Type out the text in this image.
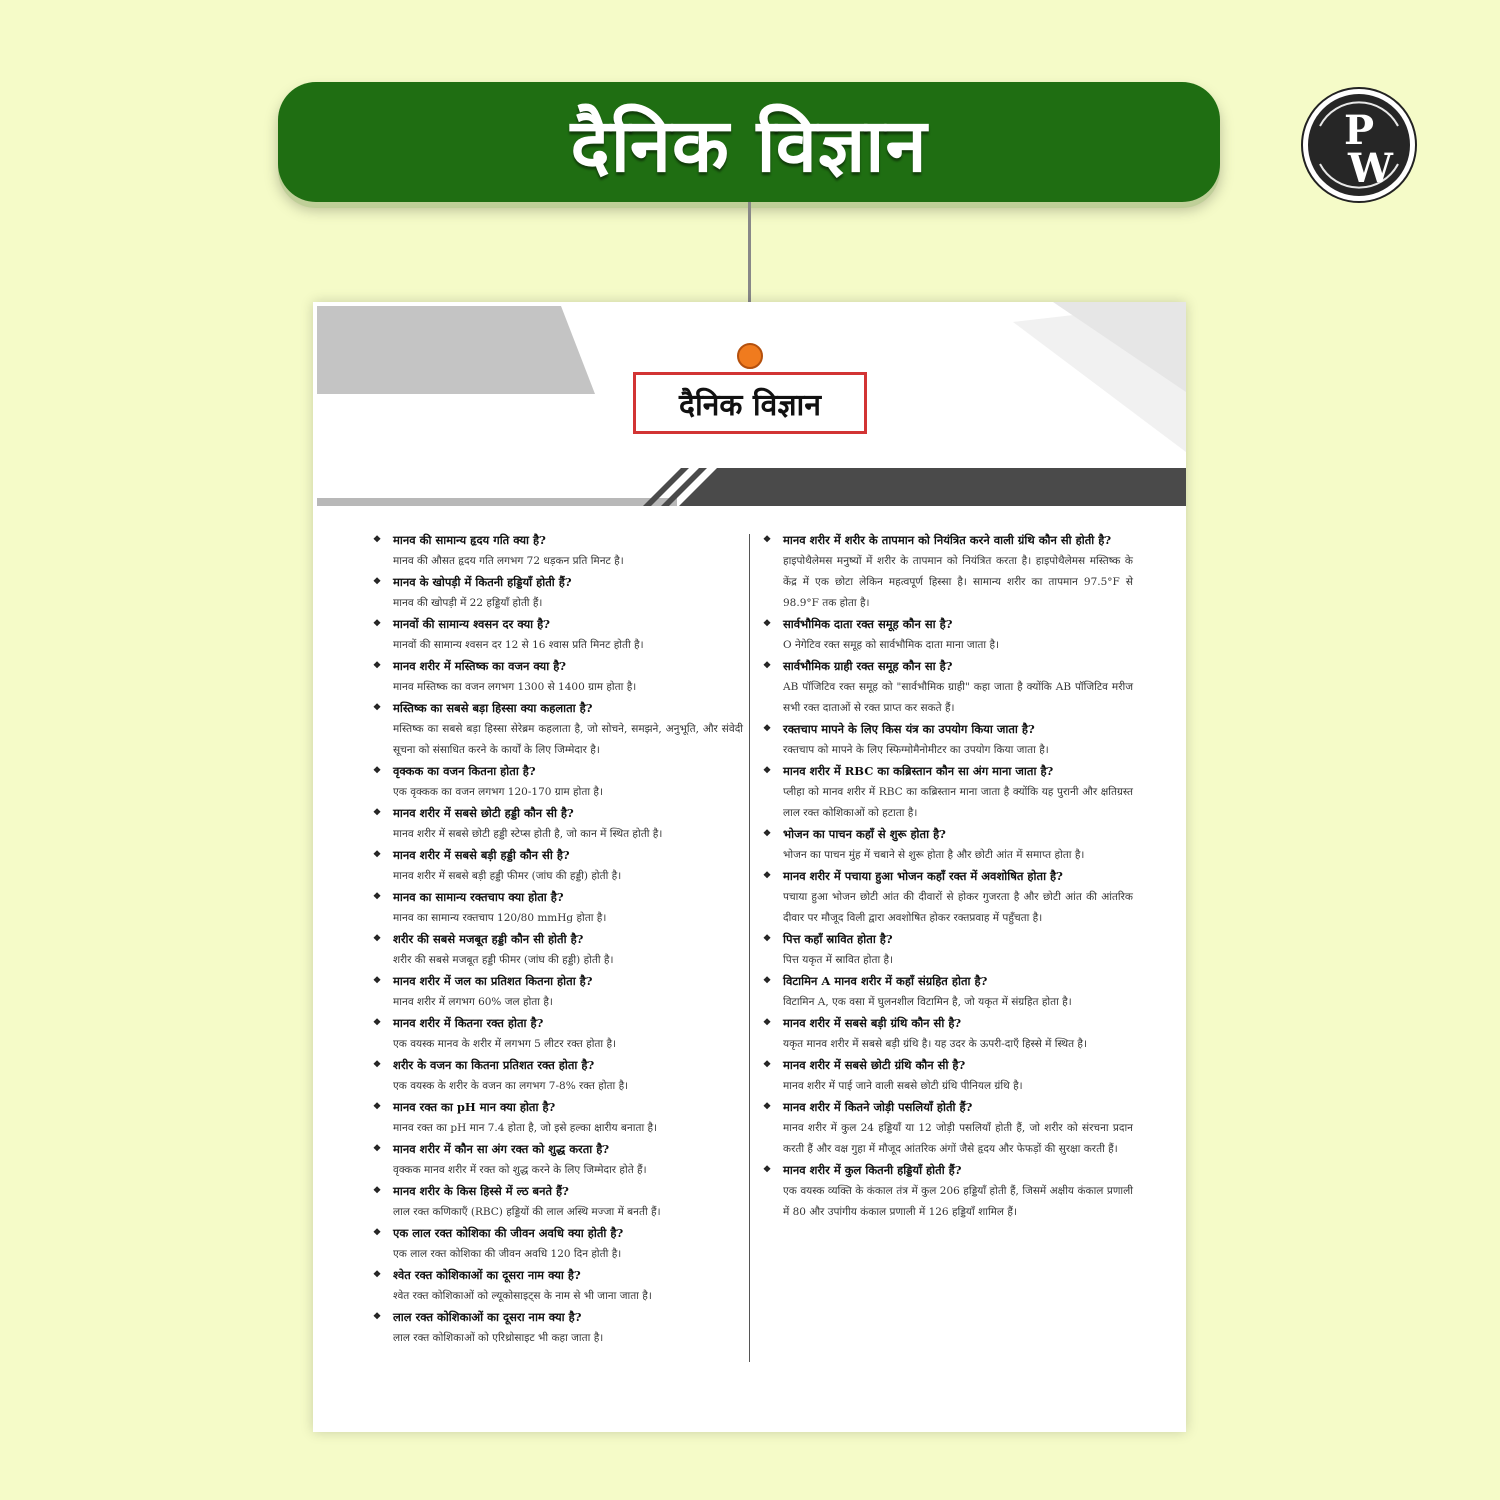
दैनिक विज्ञान	P
W
दैनिक विज्ञान
❖ मानव की सामान्य हृदय गति क्या है?
मानव की औसत हृदय गति लगभग 72 धड़कन प्रति मिनट है।
❖ मानव के खोपड़ी में कितनी हड्डियाँ होती हैं?
मानव की खोपड़ी में 22 हड्डियाँ होती हैं।
❖ मानवों की सामान्य श्वसन दर क्या है?
मानवों की सामान्य श्वसन दर 12 से 16 श्वास प्रति मिनट होती है।
❖ मानव शरीर में मस्तिष्क का वजन क्या है?
मानव मस्तिष्क का वजन लगभग 1300 से 1400 ग्राम होता है।
❖ मस्तिष्क का सबसे बड़ा हिस्सा क्या कहलाता है?
मस्तिष्क का सबसे बड़ा हिस्सा सेरेब्रम कहलाता है, जो सोचने, समझने, अनुभूति, और संवेदी सूचना को संसाधित करने के कार्यों के लिए जिम्मेदार है।
❖ वृक्कक का वजन कितना होता है?
एक वृक्कक का वजन लगभग 120-170 ग्राम होता है।
❖ मानव शरीर में सबसे छोटी हड्डी कौन सी है?
मानव शरीर में सबसे छोटी हड्डी स्टेप्स होती है, जो कान में स्थित होती है।
❖ मानव शरीर में सबसे बड़ी हड्डी कौन सी है?
मानव शरीर में सबसे बड़ी हड्डी फीमर (जांघ की हड्डी) होती है।
❖ मानव का सामान्य रक्तचाप क्या होता है?
मानव का सामान्य रक्तचाप 120/80 mmHg होता है।
❖ शरीर की सबसे मजबूत हड्डी कौन सी होती है?
शरीर की सबसे मजबूत हड्डी फीमर (जांघ की हड्डी) होती है।
❖ मानव शरीर में जल का प्रतिशत कितना होता है?
मानव शरीर में लगभग 60% जल होता है।
❖ मानव शरीर में कितना रक्त होता है?
एक वयस्क मानव के शरीर में लगभग 5 लीटर रक्त होता है।
❖ शरीर के वजन का कितना प्रतिशत रक्त होता है?
एक वयस्क के शरीर के वजन का लगभग 7-8% रक्त होता है।
❖ मानव रक्त का pH मान क्या होता है?
मानव रक्त का pH मान 7.4 होता है, जो इसे हल्का क्षारीय बनाता है।
❖ मानव शरीर में कौन सा अंग रक्त को शुद्ध करता है?
वृक्कक मानव शरीर में रक्त को शुद्ध करने के लिए जिम्मेदार होते हैं।
❖ मानव शरीर के किस हिस्से में ल्ठ बनते हैं?
लाल रक्त कणिकाएँ (RBC) हड्डियों की लाल अस्थि मज्जा में बनती हैं।
❖ एक लाल रक्त कोशिका की जीवन अवधि क्या होती है?
एक लाल रक्त कोशिका की जीवन अवधि 120 दिन होती है।
❖ श्वेत रक्त कोशिकाओं का दूसरा नाम क्या है?
श्वेत रक्त कोशिकाओं को ल्यूकोसाइट्स के नाम से भी जाना जाता है।
❖ लाल रक्त कोशिकाओं का दूसरा नाम क्या है?
लाल रक्त कोशिकाओं को एरिथ्रोसाइट भी कहा जाता है।
❖ मानव शरीर में शरीर के तापमान को नियंत्रित करने वाली ग्रंथि कौन सी होती है?
हाइपोथैलेमस मनुष्यों में शरीर के तापमान को नियंत्रित करता है। हाइपोथैलेमस मस्तिष्क के केंद्र में एक छोटा लेकिन महत्वपूर्ण हिस्सा है। सामान्य शरीर का तापमान 97.5°F से 98.9°F तक होता है।
❖ सार्वभौमिक दाता रक्त समूह कौन सा है?
O नेगेटिव रक्त समूह को सार्वभौमिक दाता माना जाता है।
❖ सार्वभौमिक ग्राही रक्त समूह कौन सा है?
AB पॉजिटिव रक्त समूह को "सार्वभौमिक ग्राही" कहा जाता है क्योंकि AB पॉजिटिव मरीज सभी रक्त दाताओं से रक्त प्राप्त कर सकते हैं।
❖ रक्तचाप मापने के लिए किस यंत्र का उपयोग किया जाता है?
रक्तचाप को मापने के लिए स्फिग्मोमैनोमीटर का उपयोग किया जाता है।
❖ मानव शरीर में RBC का कब्रिस्तान कौन सा अंग माना जाता है?
प्लीहा को मानव शरीर में RBC का कब्रिस्तान माना जाता है क्योंकि यह पुरानी और क्षतिग्रस्त लाल रक्त कोशिकाओं को हटाता है।
❖ भोजन का पाचन कहाँ से शुरू होता है?
भोजन का पाचन मुंह में चबाने से शुरू होता है और छोटी आंत में समाप्त होता है।
❖ मानव शरीर में पचाया हुआ भोजन कहाँ रक्त में अवशोषित होता है?
पचाया हुआ भोजन छोटी आंत की दीवारों से होकर गुजरता है और छोटी आंत की आंतरिक दीवार पर मौजूद विली द्वारा अवशोषित होकर रक्तप्रवाह में पहुँचता है।
❖ पित्त कहाँ स्रावित होता है?
पित्त यकृत में स्रावित होता है।
❖ विटामिन A मानव शरीर में कहाँ संग्रहित होता है?
विटामिन A, एक वसा में घुलनशील विटामिन है, जो यकृत में संग्रहित होता है।
❖ मानव शरीर में सबसे बड़ी ग्रंथि कौन सी है?
यकृत मानव शरीर में सबसे बड़ी ग्रंथि है। यह उदर के ऊपरी-दाएँ हिस्से में स्थित है।
❖ मानव शरीर में सबसे छोटी ग्रंथि कौन सी है?
मानव शरीर में पाई जाने वाली सबसे छोटी ग्रंथि पीनियल ग्रंथि है।
❖ मानव शरीर में कितने जोड़ी पसलियाँ होती हैं?
मानव शरीर में कुल 24 हड्डियाँ या 12 जोड़ी पसलियाँ होती हैं, जो शरीर को संरचना प्रदान करती हैं और वक्ष गुहा में मौजूद आंतरिक अंगों जैसे हृदय और फेफड़ों की सुरक्षा करती हैं।
❖ मानव शरीर में कुल कितनी हड्डियाँ होती हैं?
एक वयस्क व्यक्ति के कंकाल तंत्र में कुल 206 हड्डियाँ होती हैं, जिसमें अक्षीय कंकाल प्रणाली में 80 और उपांगीय कंकाल प्रणाली में 126 हड्डियाँ शामिल हैं।
